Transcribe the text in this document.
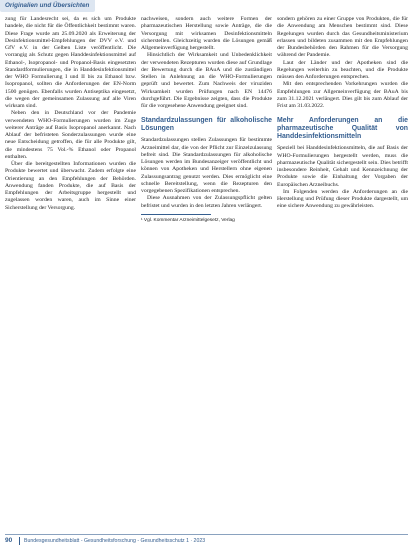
Originalien und Übersichten

zung für Landesrecht sei, da es sich um Produkte handele, die nicht für die Öffentlichkeit bestimmt waren. Diese Frage wurde am 25.09.2020 als Erweiterung der Desinfektionsmittel-Empfehlungen der DVV e.V. und GfV e.V. in der Gelben Liste veröffentlicht. Die vorrangig als Schutz gegen Handdesinfektionsmittel auf Ethanol-, Isopropanol- und Propanol-Basis eingesetzten Standardformulierungen, die in Handdesinfektionsmittel der WHO Formulierung I und II bis zu Ethanol bzw. Isopropanol, sollten die Anforderungen der EN-Norm 1500 genügen. Ebenfalls wurden Antiseptika eingesetzt, die wegen der gemeinsamen Zulassung auf alle Viren wirksam sind.

Neben den in Deutschland vor der Pandemie verwendeten WHO-Formulierungen wurden im Zuge weiterer Anträge auf Basis Isopropanol anerkannt. Nach Ablauf der befristeten Sonderzulassungen wurde eine neue Entscheidung getroffen, die für alle Produkte gilt, die mindestens 75 Vol.-% Ethanol oder Propanol enthalten.

Über die bereitgestellten Informationen wurden die Produkte bewertet und überwacht. Zudem erfolgte eine Orientierung an den Empfehlungen der Behörden. Anwendung fanden Produkte, die auf Basis der Empfehlungen der Arbeitsgruppe hergestellt und zugelassen worden waren, auch im Sinne einer Sicherstellung der Versorgung.

nachweisen, sondern auch weitere Formen der pharmazeutischen Herstellung sowie Anträge, die die Versorgung mit wirksamen Desinfektionsmitteln sicherstellen. Gleichzeitig wurden die Lösungen gemäß Allgemeinverfügung hergestellt.

Hinsichtlich der Wirksamkeit und Unbedenklichkeit der verwendeten Rezepturen wurden diese auf Grundlage der Bewertung durch die BAuA und die zuständigen Stellen in Anlehnung an die WHO-Formulierungen geprüft und bewertet. Zum Nachweis der viruziden Wirksamkeit wurden Prüfungen nach EN 14476 durchgeführt. Die Ergebnisse zeigten, dass die Produkte für die vorgesehene Anwendung geeignet sind.

Standardzulassungen für alkoholische Lösungen

Standardzulassungen stellen Zulassungen für bestimmte Arzneimittel dar, die von der Pflicht zur Einzelzulassung befreit sind. Die Standardzulassungen für alkoholische Lösungen werden im Bundesanzeiger veröffentlicht und können von Apotheken und Herstellern ohne eigenen Zulassungsantrag genutzt werden. Dies ermöglicht eine schnelle Bereitstellung, wenn die Rezepturen den vorgegebenen Spezifikationen entsprechen.

Diese Ausnahmen von der Zulassungspflicht gelten befristet und wurden in den letzten Jahren verlängert.

¹ Vgl. Kommentar Arzneimittelgesetz, Verlag

sondern gehören zu einer Gruppe von Produkten, die für die Anwendung am Menschen bestimmt sind. Diese Regelungen wurden durch das Gesundheitsministerium erlassen und bildeten zusammen mit den Empfehlungen der Bundesbehörden den Rahmen für die Versorgung während der Pandemie.

Laut der Länder und der Apotheken sind die Regelungen weiterhin zu beachten, und die Produkte müssen den Anforderungen entsprechen.

Mit den entsprechenden Vorkehrungen wurden die Empfehlungen zur Allgemeinverfügung der BAuA bis zum 31.12.2021 verlängert. Dies gilt bis zum Ablauf der Frist am 31.03.2022.

Mehr Anforderungen an die pharmazeutische Qualität von Handdesinfektionsmitteln

Speziell bei Handdesinfektionsmitteln, die auf Basis der WHO-Formulierungen hergestellt werden, muss die pharmazeutische Qualität sichergestellt sein. Dies betrifft insbesondere Reinheit, Gehalt und Kennzeichnung der Produkte sowie die Einhaltung der Vorgaben der Europäischen Arzneibuchs.

Im Folgenden werden die Anforderungen an die Herstellung und Prüfung dieser Produkte dargestellt, um eine sichere Anwendung zu gewährleisten.

90 Bundesgesundheitsblatt - Gesundheitsforschung - Gesundheitsschutz 1 · 2023
